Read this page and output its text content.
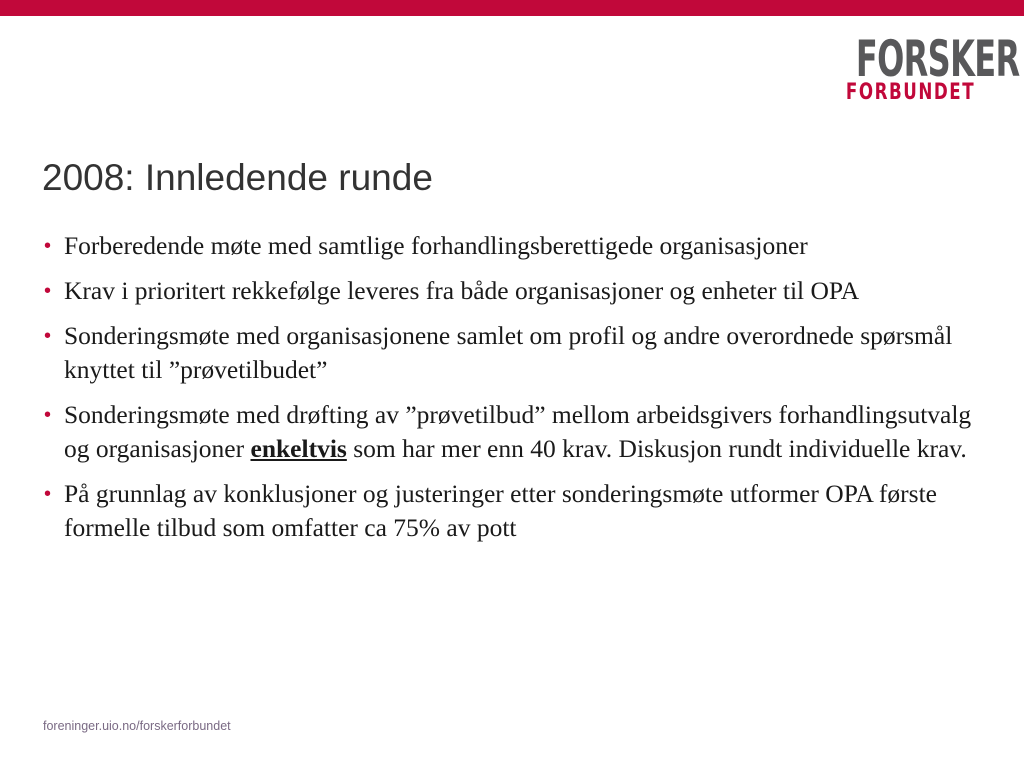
FORSKER
FORBUNDET
2008: Innledende runde
• Forberedende møte med samtlige forhandlingsberettigede organisasjoner
• Krav i prioritert rekkefølge leveres fra både organisasjoner og enheter til OPA
• Sonderingsmøte med organisasjonene samlet om profil og andre overordnede spørsmål knyttet til ”prøvetilbudet”
• Sonderingsmøte med drøfting av ”prøvetilbud” mellom arbeidsgivers forhandlingsutvalg og organisasjoner enkeltvis som har mer enn 40 krav. Diskusjon rundt individuelle krav.
• På grunnlag av konklusjoner og justeringer etter sonderingsmøte utformer OPA første formelle tilbud som omfatter ca 75% av pott
foreninger.uio.no/forskerforbundet
